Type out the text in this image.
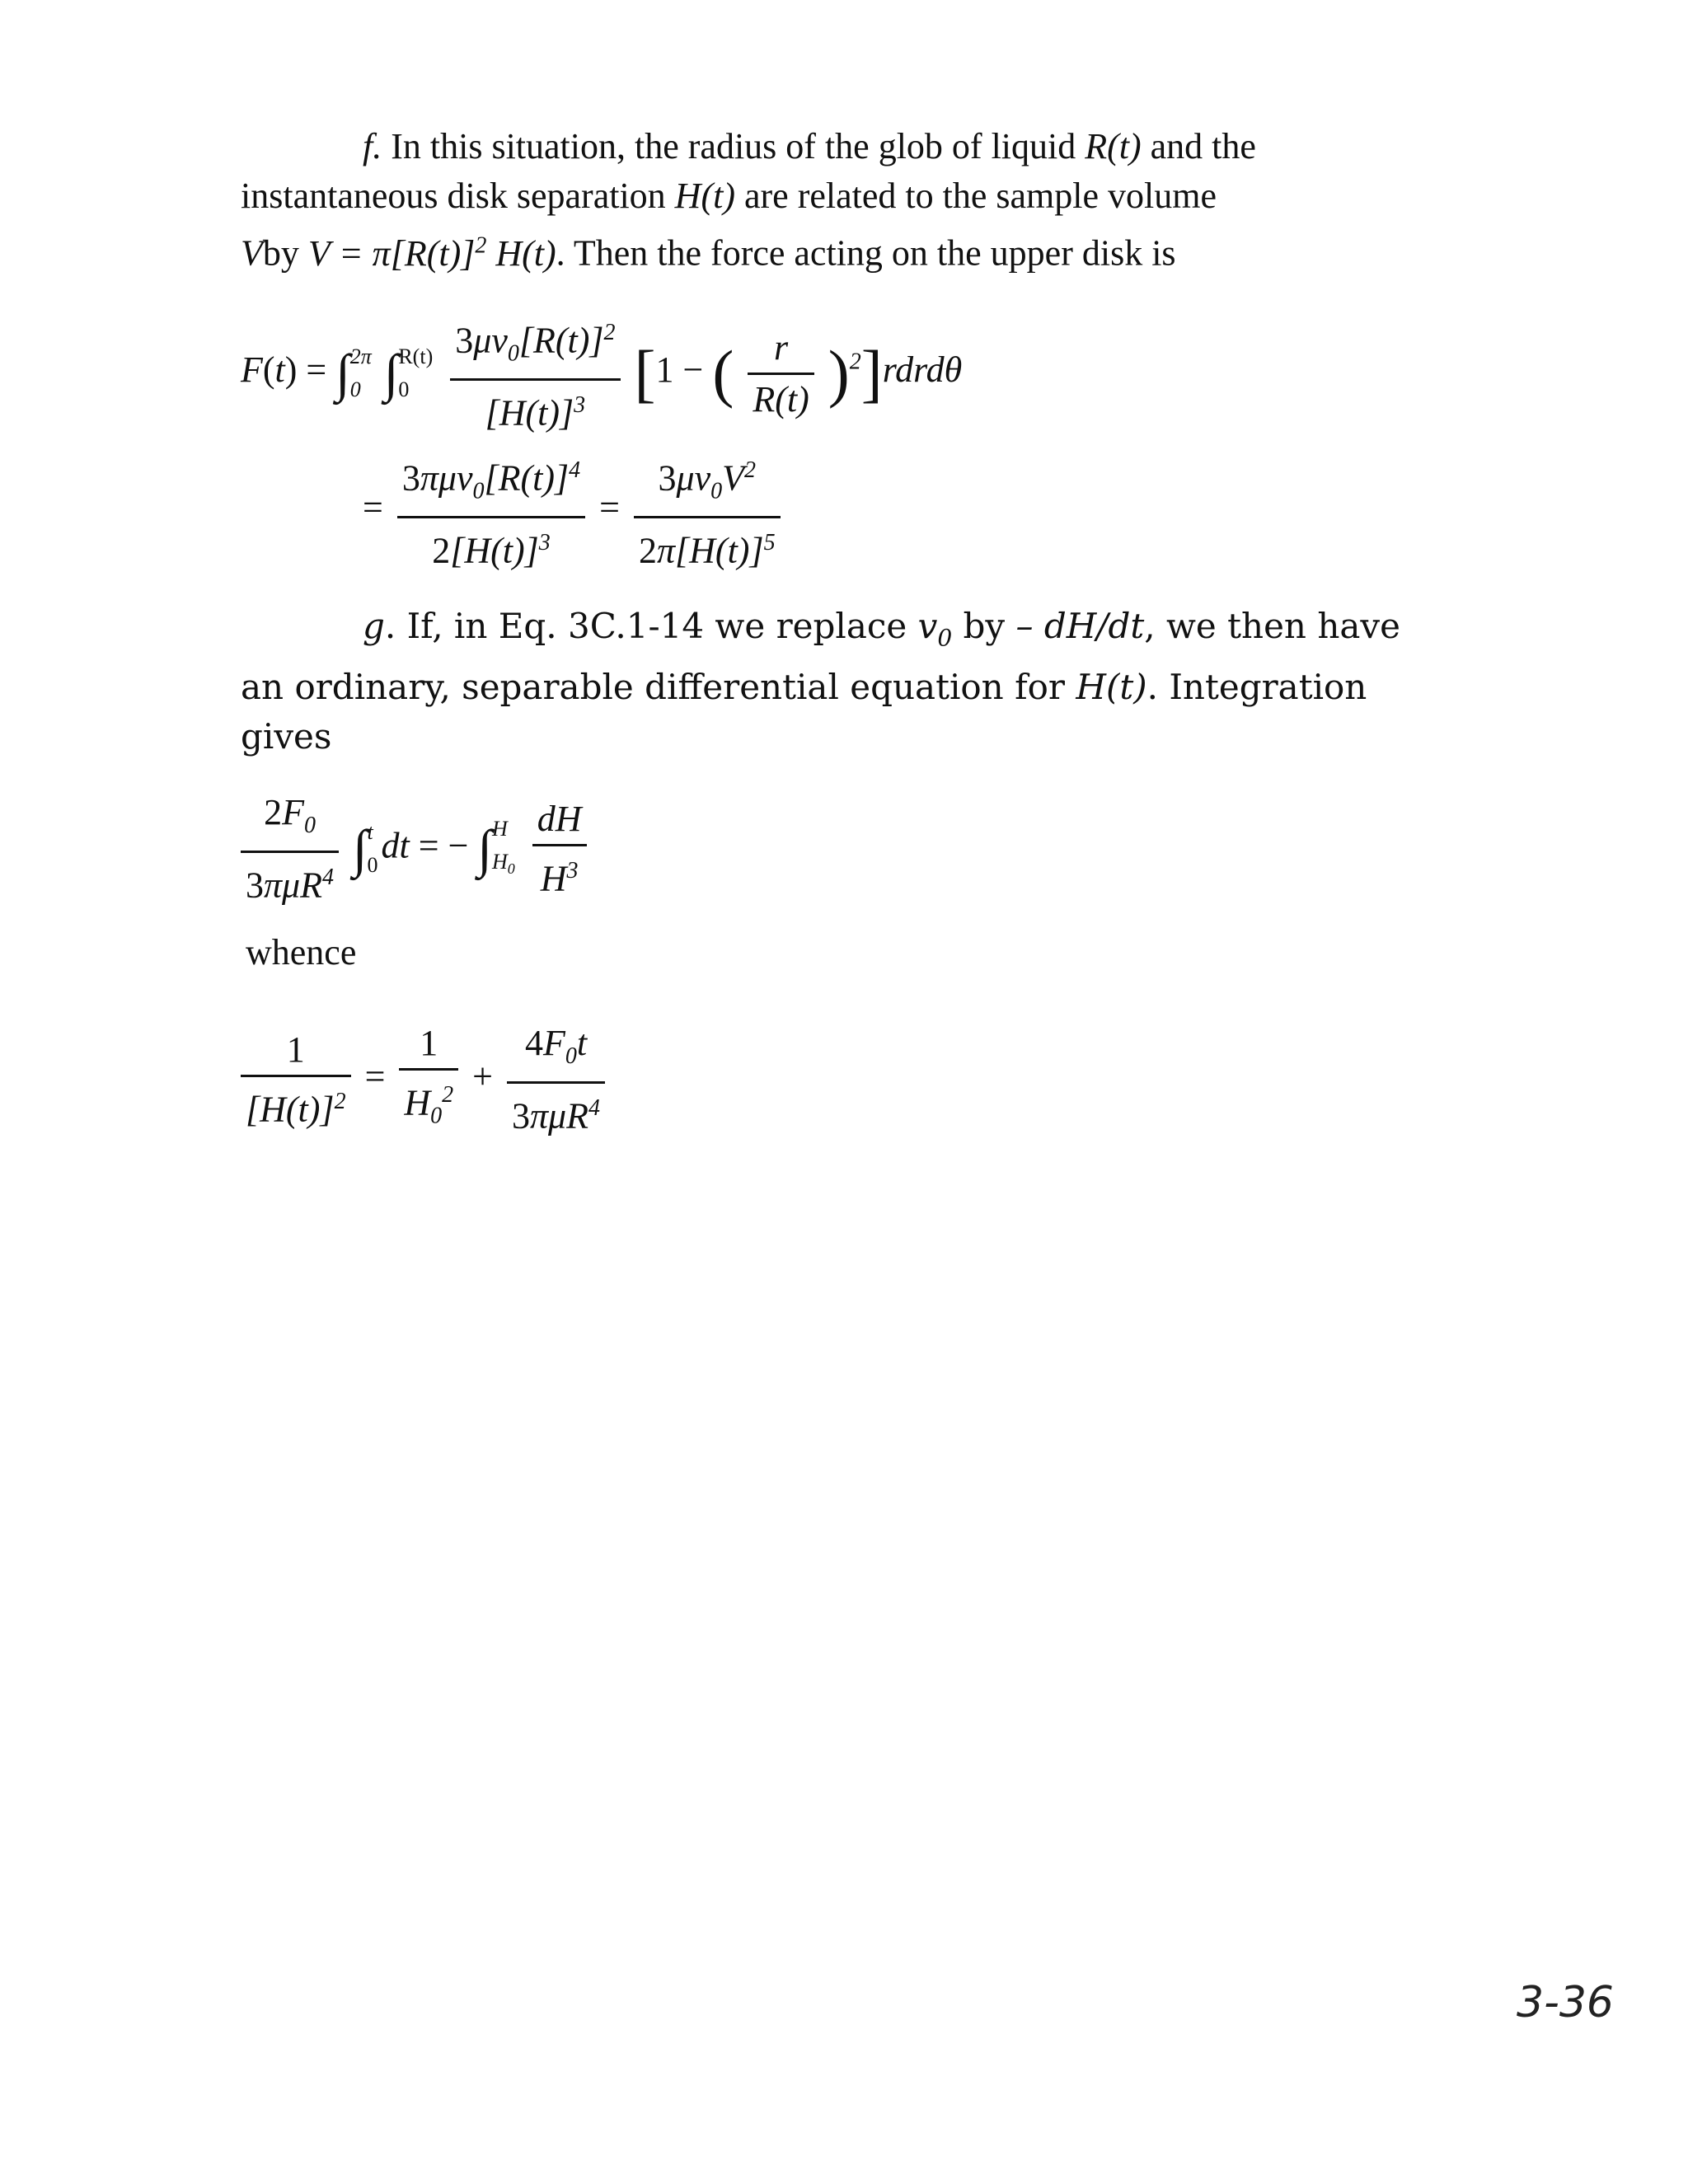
f. In this situation, the radius of the glob of liquid R(t) and the
instantaneous disk separation H(t) are related to the sample volume
Vby $V = \pi[R(t)]^2$ H(t). Then the force acting on the upper disk is
F(t) = ∫ 2π
0 ∫ R(t)
0
	$\frac{3\mu v_0[R(t)]^2}{[H(t)]^3} [1$ − ( $\frac{r}{R(t)}$ )$^2$]rdrdθ
= $\frac{3\pi\mu v_0[R(t)]^4}{2[H(t)]^3} = \frac{3\mu v_0V^2}{2\pi[H(t)]^5}$
g. If, in Eq. 3C.1-14 we replace $v_0$ by – dH/dt, we then have
an ordinary, separable differential equation for H(t). Integration
gives
$\frac{2F_0}{3\pi\mu R^4}$ ∫ t
0 dt = − ∫ H
$H_0$
$\frac{dH}{H^3}$
whence
$\frac{1}{[H(t)]^2} = \frac{1}{H_0^2} + \frac{4F_0t}{3\pi\mu R^4}$
3-36
